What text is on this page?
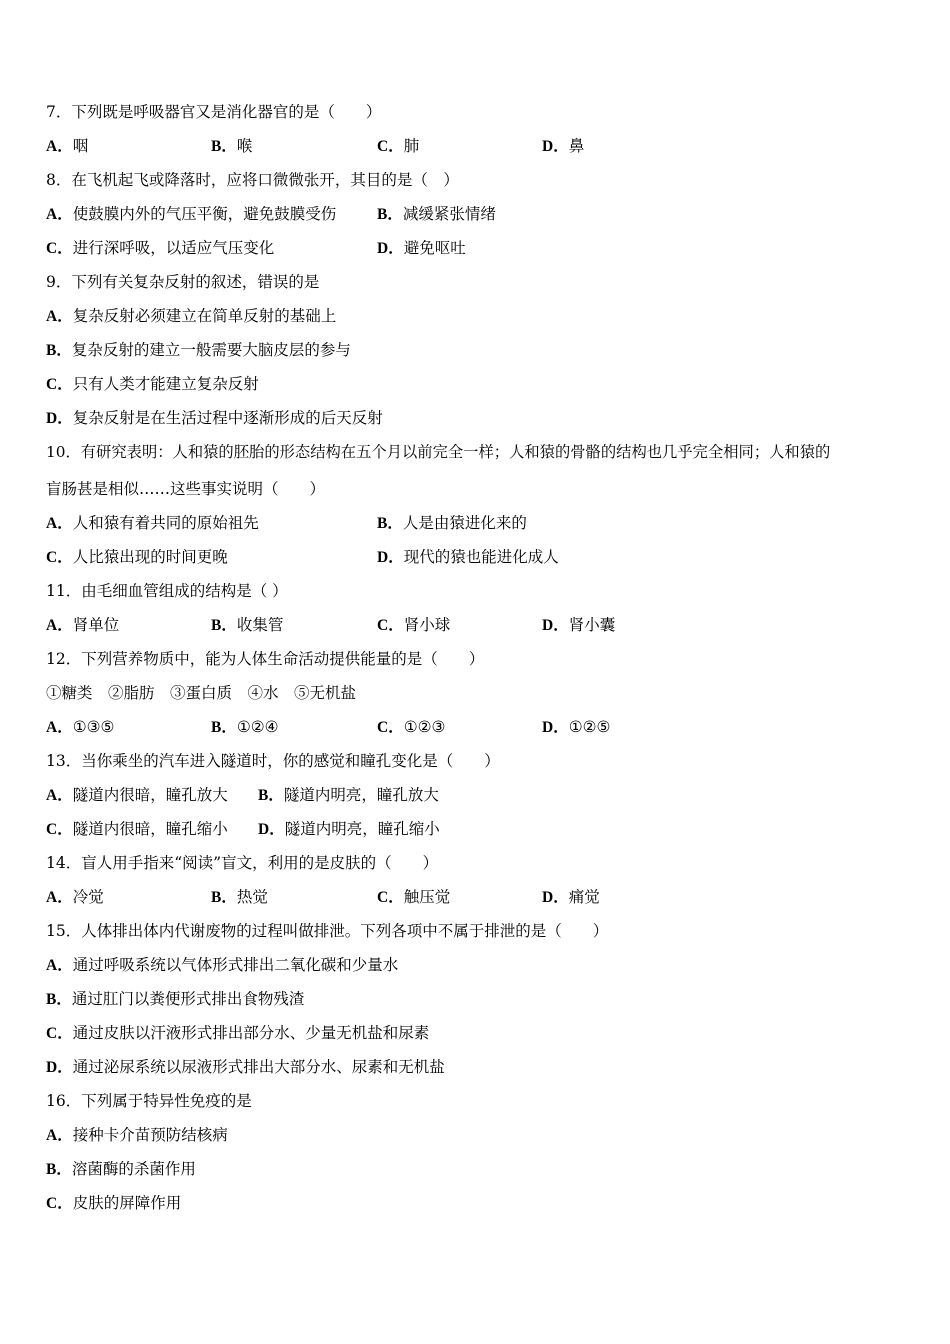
7．下列既是呼吸器官又是消化器官的是（　　）
A．咽	B．喉	C．肺	D．鼻
8．在飞机起飞或降落时，应将口微微张开，其目的是（　）
A．使鼓膜内外的气压平衡，避免鼓膜受伤	B．减缓紧张情绪
C．进行深呼吸，以适应气压变化	D．避免呕吐
9．下列有关复杂反射的叙述，错误的是
A．复杂反射必须建立在简单反射的基础上
B．复杂反射的建立一般需要大脑皮层的参与
C．只有人类才能建立复杂反射
D．复杂反射是在生活过程中逐渐形成的后天反射
10．有研究表明：人和猿的胚胎的形态结构在五个月以前完全一样；人和猿的骨骼的结构也几乎完全相同；人和猿的
盲肠甚是相似……这些事实说明（　　）
A．人和猿有着共同的原始祖先	B．人是由猿进化来的
C．人比猿出现的时间更晚	D．现代的猿也能进化成人
11．由毛细血管组成的结构是（ ）
A．肾单位	B．收集管	C．肾小球	D．肾小囊
12．下列营养物质中，能为人体生命活动提供能量的是（　　）
①糖类　②脂肪　③蛋白质　④水　⑤无机盐
A．①③⑤	B．①②④	C．①②③	D．①②⑤
13．当你乘坐的汽车进入隧道时，你的感觉和瞳孔变化是（　　）
A．隧道内很暗，瞳孔放大 B．隧道内明亮，瞳孔放大
C．隧道内很暗，瞳孔缩小 D．隧道内明亮，瞳孔缩小
14．盲人用手指来“阅读”盲文，利用的是皮肤的（　　）
A．冷觉	B．热觉	C．触压觉	D．痛觉
15．人体排出体内代谢废物的过程叫做排泄。下列各项中不属于排泄的是（　　）
A．通过呼吸系统以气体形式排出二氧化碳和少量水
B．通过肛门以粪便形式排出食物残渣
C．通过皮肤以汗液形式排出部分水、少量无机盐和尿素
D．通过泌尿系统以尿液形式排出大部分水、尿素和无机盐
16．下列属于特异性免疫的是
A．接种卡介苗预防结核病
B．溶菌酶的杀菌作用
C．皮肤的屏障作用
